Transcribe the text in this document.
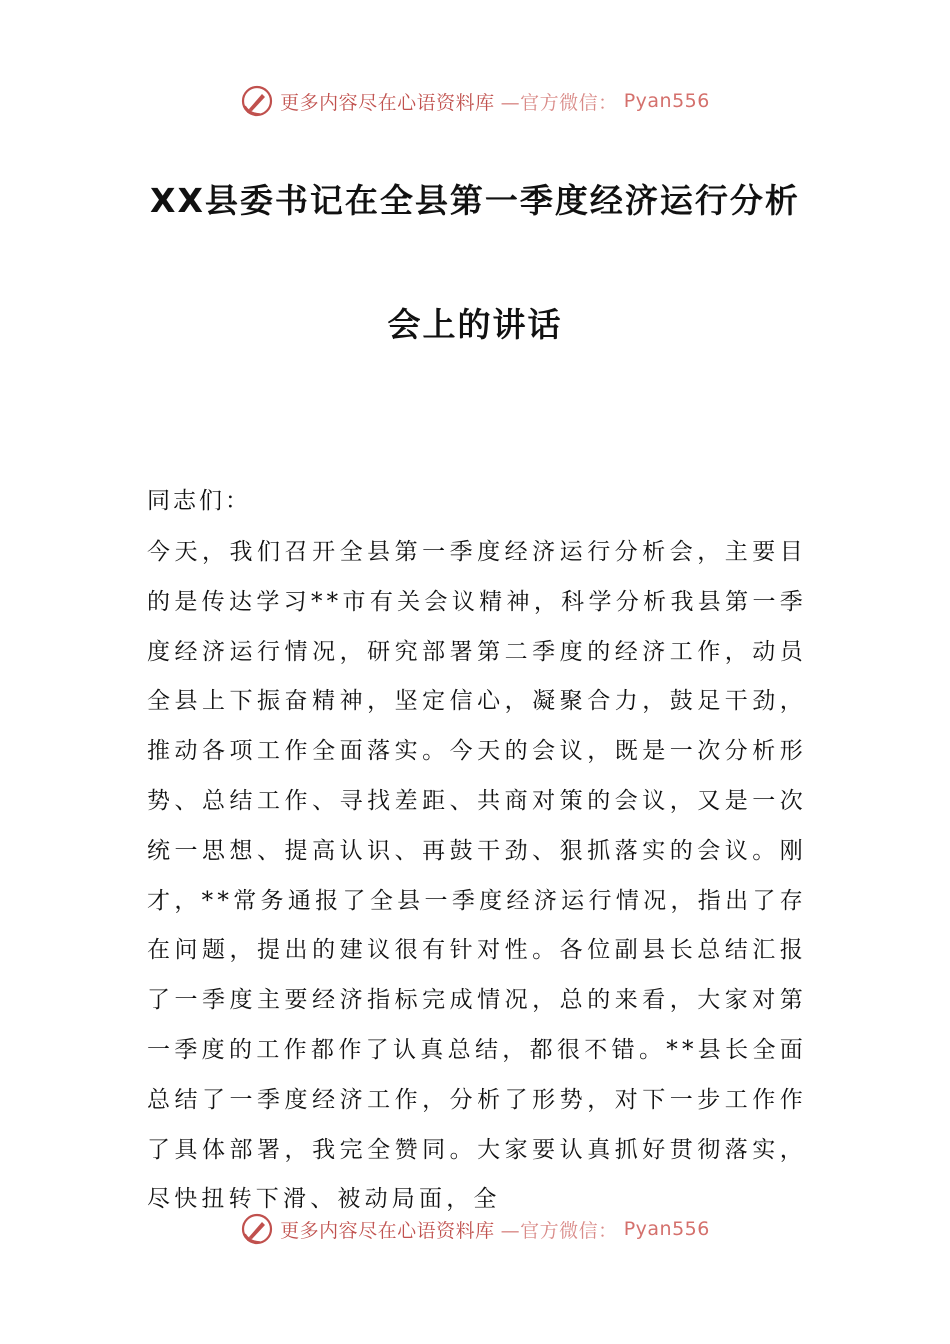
更多内容尽在心语资料库 —官方微信： Pyan556
XX县委书记在全县第一季度经济运行分析
会上的讲话

同志们：

今天，我们召开全县第一季度经济运行分析会，主要目的是传达学习**市有关会议精神，科学分析我县第一季度经济运行情况，研究部署第二季度的经济工作，动员全县上下振奋精神，坚定信心，凝聚合力，鼓足干劲，推动各项工作全面落实。今天的会议，既是一次分析形势、总结工作、寻找差距、共商对策的会议，又是一次统一思想、提高认识、再鼓干劲、狠抓落实的会议。刚才，**常务通报了全县一季度经济运行情况，指出了存在问题，提出的建议很有针对性。各位副县长总结汇报了一季度主要经济指标完成情况，总的来看，大家对第一季度的工作都作了认真总结，都很不错。**县长全面总结了一季度经济工作，分析了形势，对下一步工作作了具体部署，我完全赞同。大家要认真抓好贯彻落实，尽快扭转下滑、被动局面，全

更多内容尽在心语资料库 —官方微信： Pyan556
